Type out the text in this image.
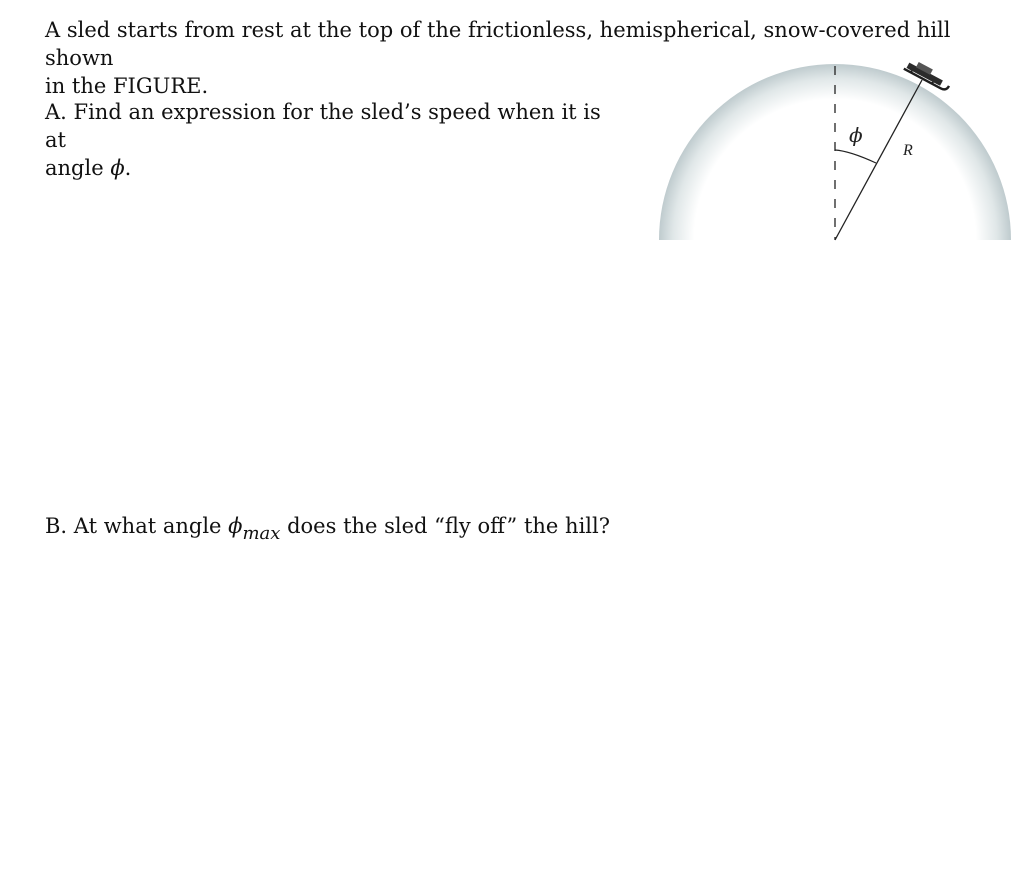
A sled starts from rest at the top of the frictionless, hemispherical, snow-covered hill shown
in the FIGURE.

A. Find an expression for the sled’s speed when it is at
angle ϕ.

B. At what angle ϕmax does the sled “fly off” the hill?

ϕ
R
